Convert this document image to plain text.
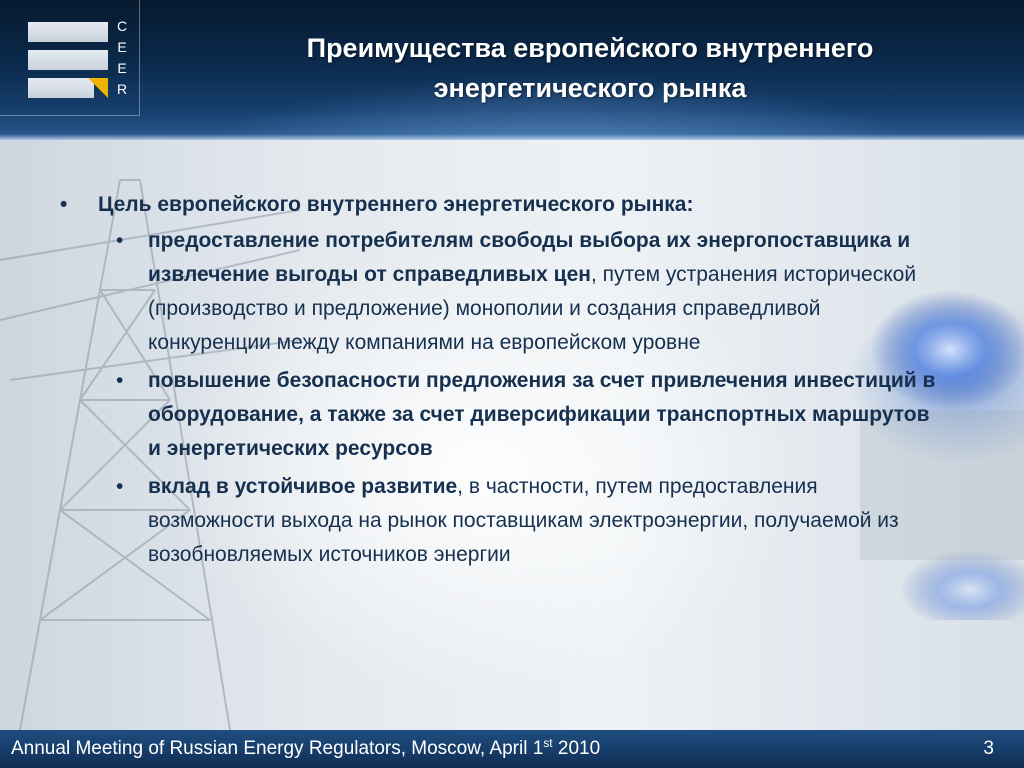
C
E
E
R
Преимущества европейского внутреннего
энергетического рынка
• Цель европейского внутреннего энергетического рынка:
• предоставление потребителям свободы выбора их энергопоставщика и извлечение выгоды от справедливых цен, путем устранения исторической (производство и предложение) монополии и создания справедливой конкуренции между компаниями на европейском уровне
• повышение безопасности предложения за счет привлечения инвестиций в оборудование, а также за счет диверсификации транспортных маршрутов и энергетических ресурсов
• вклад в устойчивое развитие, в частности, путем предоставления возможности выхода на рынок поставщикам электроэнергии, получаемой из возобновляемых источников энергии
Annual Meeting of Russian Energy Regulators, Moscow, April 1st 2010	3
